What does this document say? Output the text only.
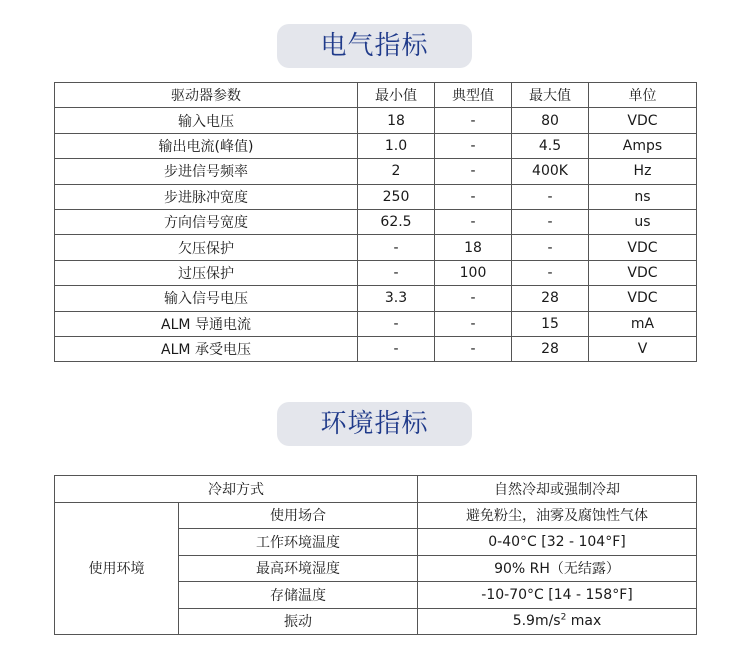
电气指标
驱动器参数	最小值	典型值	最大值	单位
输入电压	18	-	80	VDC
输出电流(峰值)	1.0	-	4.5	Amps
步进信号频率	2	-	400K	Hz
步进脉冲宽度	250	-	-	ns
方向信号宽度	62.5	-	-	us
欠压保护	-	18	-	VDC
过压保护	-	100	-	VDC
输入信号电压	3.3	-	28	VDC
ALM 导通电流	-	-	15	mA
ALM 承受电压	-	-	28	V
环境指标
冷却方式		自然冷却或强制冷却
使用环境	使用场合	避免粉尘，油雾及腐蚀性气体
	工作环境温度	0-40°C [32 - 104°F]
	最高环境湿度	90% RH（无结露）
	存储温度	-10-70°C [14 - 158°F]
	振动	$5.9m/s^2$ max
